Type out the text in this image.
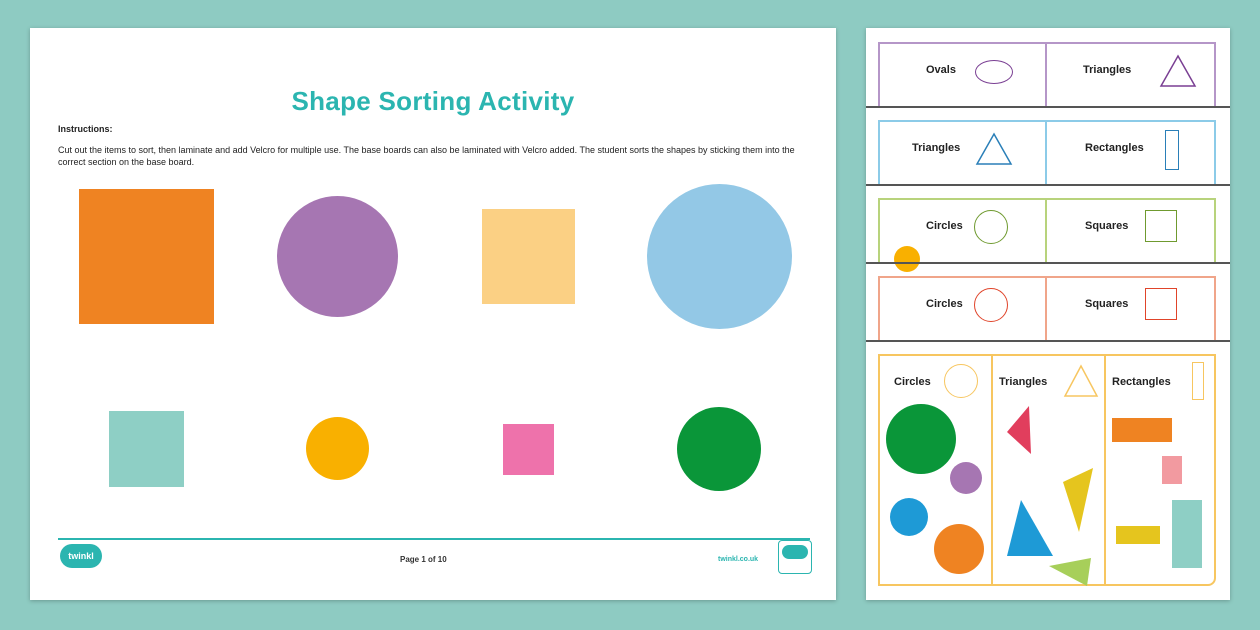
Shape Sorting Activity
Instructions:
Cut out the items to sort, then laminate and add Velcro for multiple use. The base boards can also be laminated with Velcro added. The student sorts the shapes by sticking them into the correct section on the base board.
twinkl	Page 1 of 10	twinkl.co.uk
Ovals	Triangles
Triangles	Rectangles
Circles	Squares
Circles	Squares
Circles	Triangles	Rectangles
